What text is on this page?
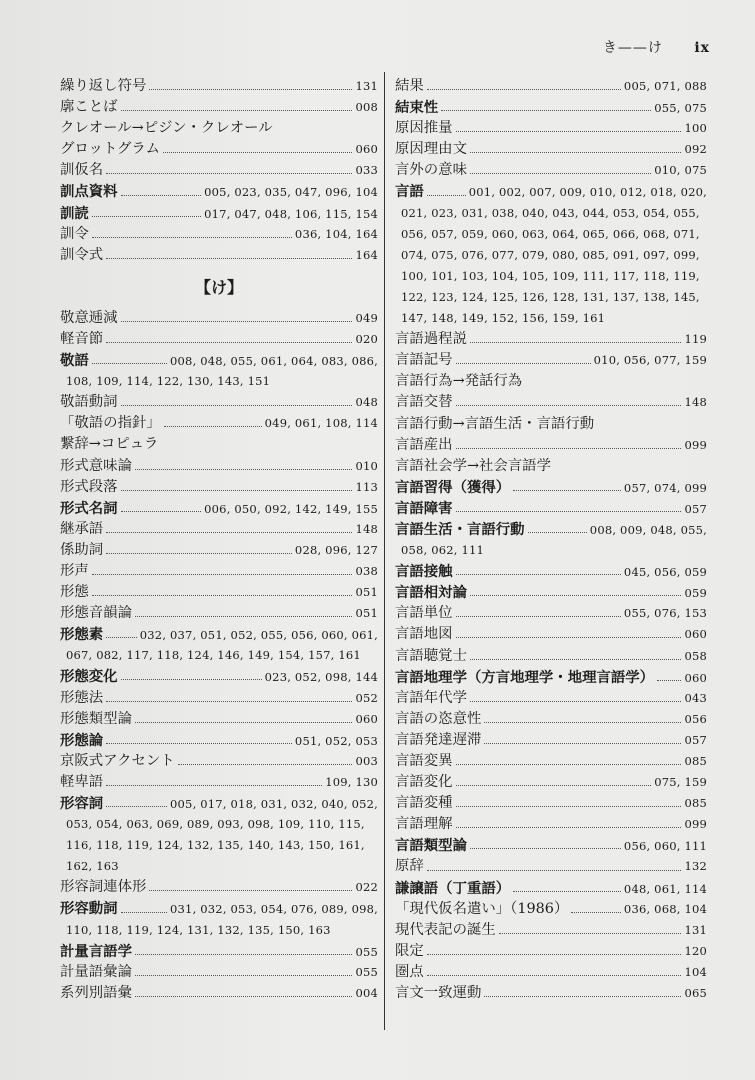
き——け ix
繰り返し符号	131
廓ことば	008
クレオール→ピジン・クレオール
グロットグラム	060
訓仮名	033
訓点資料	005, 023, 035, 047, 096, 104
訓読	017, 047, 048, 106, 115, 154
訓令	036, 104, 164
訓令式	164
【け】
敬意逓減	049
軽音節	020
敬語	008, 048, 055, 061, 064, 083, 086,
108, 109, 114, 122, 130, 143, 151
敬語動詞	048
「敬語の指針」	049, 061, 108, 114
繋辞→コピュラ
形式意味論	010
形式段落	113
形式名詞	006, 050, 092, 142, 149, 155
継承語	148
係助詞	028, 096, 127
形声	038
形態	051
形態音韻論	051
形態素	032, 037, 051, 052, 055, 056, 060, 061,
067, 082, 117, 118, 124, 146, 149, 154, 157, 161
形態変化	023, 052, 098, 144
形態法	052
形態類型論	060
形態論	051, 052, 053
京阪式アクセント	003
軽卑語	109, 130
形容詞	005, 017, 018, 031, 032, 040, 052,
053, 054, 063, 069, 089, 093, 098, 109, 110, 115,
116, 118, 119, 124, 132, 135, 140, 143, 150, 161,
162, 163
形容詞連体形	022
形容動詞	031, 032, 053, 054, 076, 089, 098,
110, 118, 119, 124, 131, 132, 135, 150, 163
計量言語学	055
計量語彙論	055
系列別語彙	004
結果	005, 071, 088
結束性	055, 075
原因推量	100
原因理由文	092
言外の意味	010, 075
言語	001, 002, 007, 009, 010, 012, 018, 020,
021, 023, 031, 038, 040, 043, 044, 053, 054, 055,
056, 057, 059, 060, 063, 064, 065, 066, 068, 071,
074, 075, 076, 077, 079, 080, 085, 091, 097, 099,
100, 101, 103, 104, 105, 109, 111, 117, 118, 119,
122, 123, 124, 125, 126, 128, 131, 137, 138, 145,
147, 148, 149, 152, 156, 159, 161
言語過程説	119
言語記号	010, 056, 077, 159
言語行為→発話行為
言語交替	148
言語行動→言語生活・言語行動
言語産出	099
言語社会学→社会言語学
言語習得（獲得）	057, 074, 099
言語障害	057
言語生活・言語行動	008, 009, 048, 055,
058, 062, 111
言語接触	045, 056, 059
言語相対論	059
言語単位	055, 076, 153
言語地図	060
言語聴覚士	058
言語地理学（方言地理学・地理言語学）	060
言語年代学	043
言語の恣意性	056
言語発達遅滞	057
言語変異	085
言語変化	075, 159
言語変種	085
言語理解	099
言語類型論	056, 060, 111
原辞	132
謙譲語（丁重語）	048, 061, 114
「現代仮名遣い」（1986）	036, 068, 104
現代表記の誕生	131
限定	120
圏点	104
言文一致運動	065
